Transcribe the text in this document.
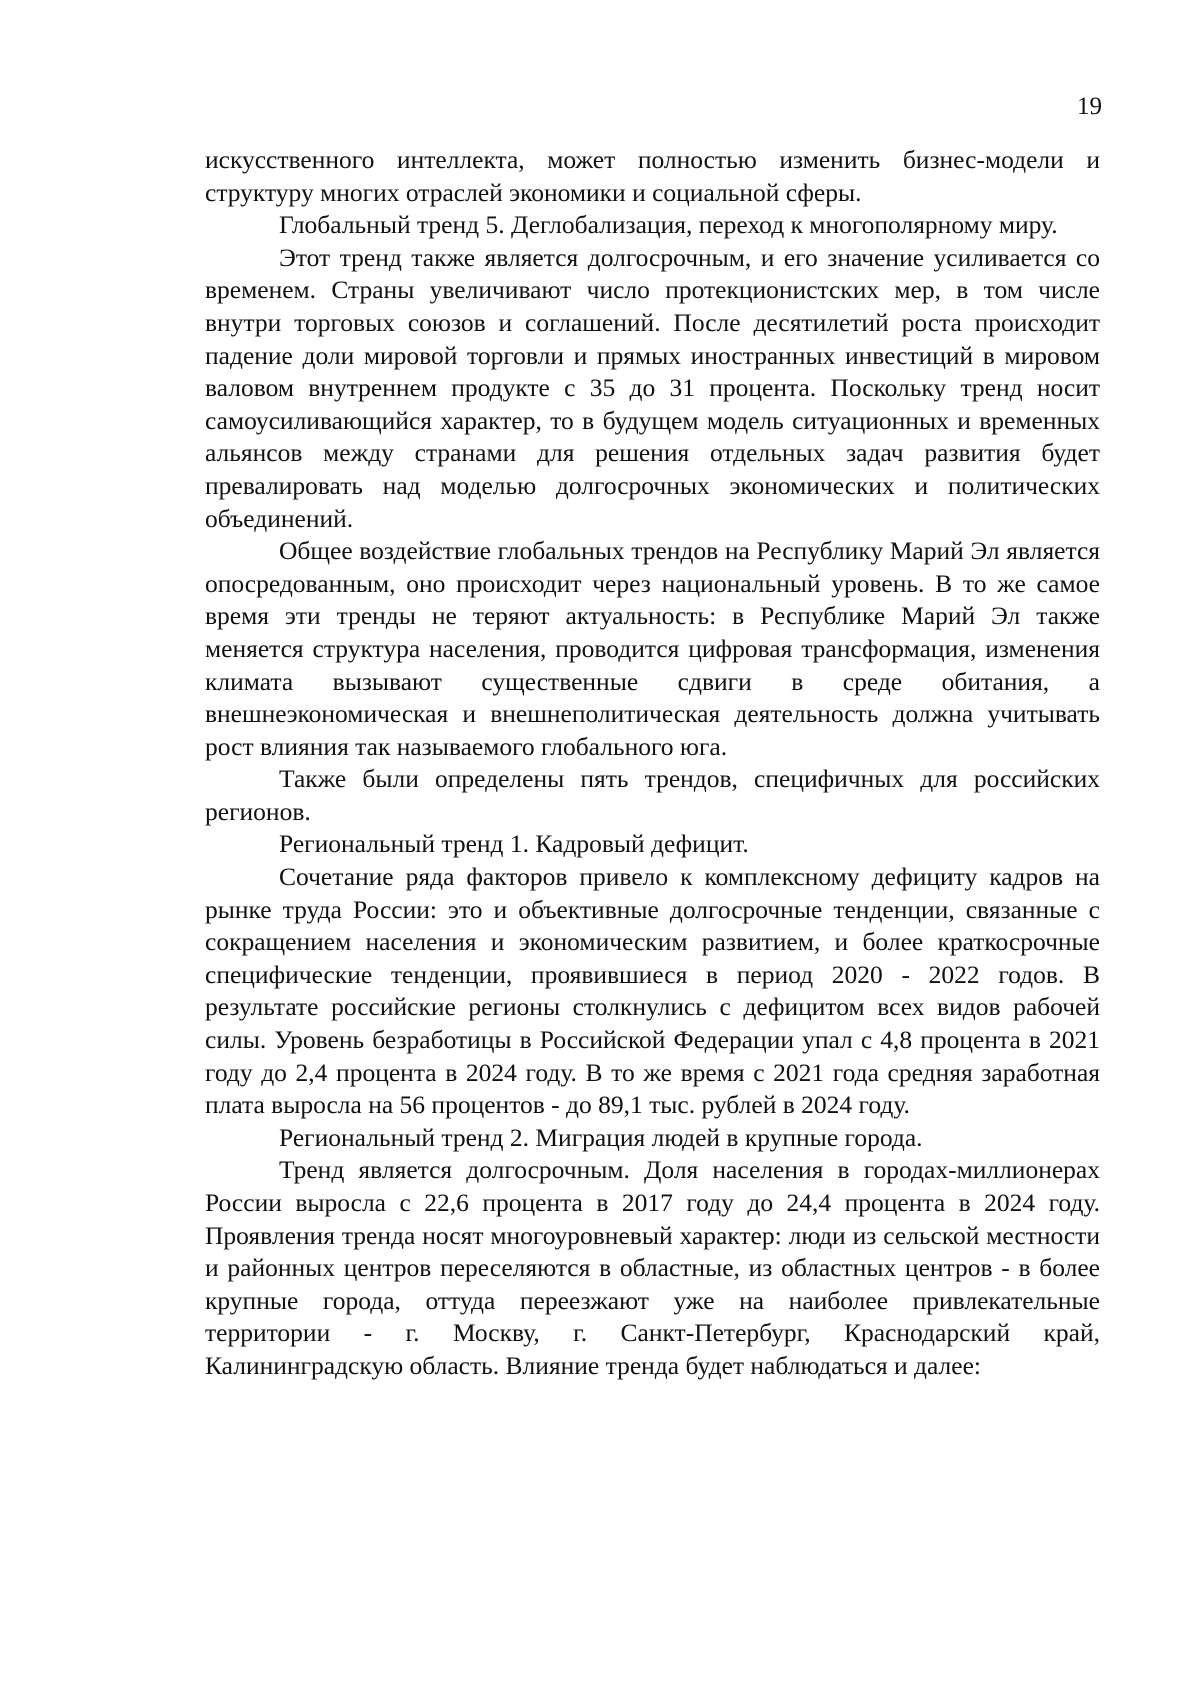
19

искусственного интеллекта, может полностью изменить бизнес-модели и структуру многих отраслей экономики и социальной сферы.

Глобальный тренд 5. Деглобализация, переход к многополярному миру.

Этот тренд также является долгосрочным, и его значение усиливается со временем. Страны увеличивают число протекционистских мер, в том числе внутри торговых союзов и соглашений. После десятилетий роста происходит падение доли мировой торговли и прямых иностранных инвестиций в мировом валовом внутреннем продукте с 35 до 31 процента. Поскольку тренд носит самоусиливающийся характер, то в будущем модель ситуационных и временных альянсов между странами для решения отдельных задач развития будет превалировать над моделью долгосрочных экономических и политических объединений.

Общее воздействие глобальных трендов на Республику Марий Эл является опосредованным, оно происходит через национальный уровень. В то же самое время эти тренды не теряют актуальность: в Республике Марий Эл также меняется структура населения, проводится цифровая трансформация, изменения климата вызывают существенные сдвиги в среде обитания, а внешнеэкономическая и внешнеполитическая деятельность должна учитывать рост влияния так называемого глобального юга.

Также были определены пять трендов, специфичных для российских регионов.

Региональный тренд 1. Кадровый дефицит.

Сочетание ряда факторов привело к комплексному дефициту кадров на рынке труда России: это и объективные долгосрочные тенденции, связанные с сокращением населения и экономическим развитием, и более краткосрочные специфические тенденции, проявившиеся в период 2020 - 2022 годов. В результате российские регионы столкнулись с дефицитом всех видов рабочей силы. Уровень безработицы в Российской Федерации упал с 4,8 процента в 2021 году до 2,4 процента в 2024 году. В то же время с 2021 года средняя заработная плата выросла на 56 процентов - до 89,1 тыс. рублей в 2024 году.

Региональный тренд 2. Миграция людей в крупные города.

Тренд является долгосрочным. Доля населения в городах-миллионерах России выросла с 22,6 процента в 2017 году до 24,4 процента в 2024 году. Проявления тренда носят многоуровневый характер: люди из сельской местности и районных центров переселяются в областные, из областных центров - в более крупные города, оттуда переезжают уже на наиболее привлекательные территории - г. Москву, г. Санкт-Петербург, Краснодарский край, Калининградскую область. Влияние тренда будет наблюдаться и далее:
